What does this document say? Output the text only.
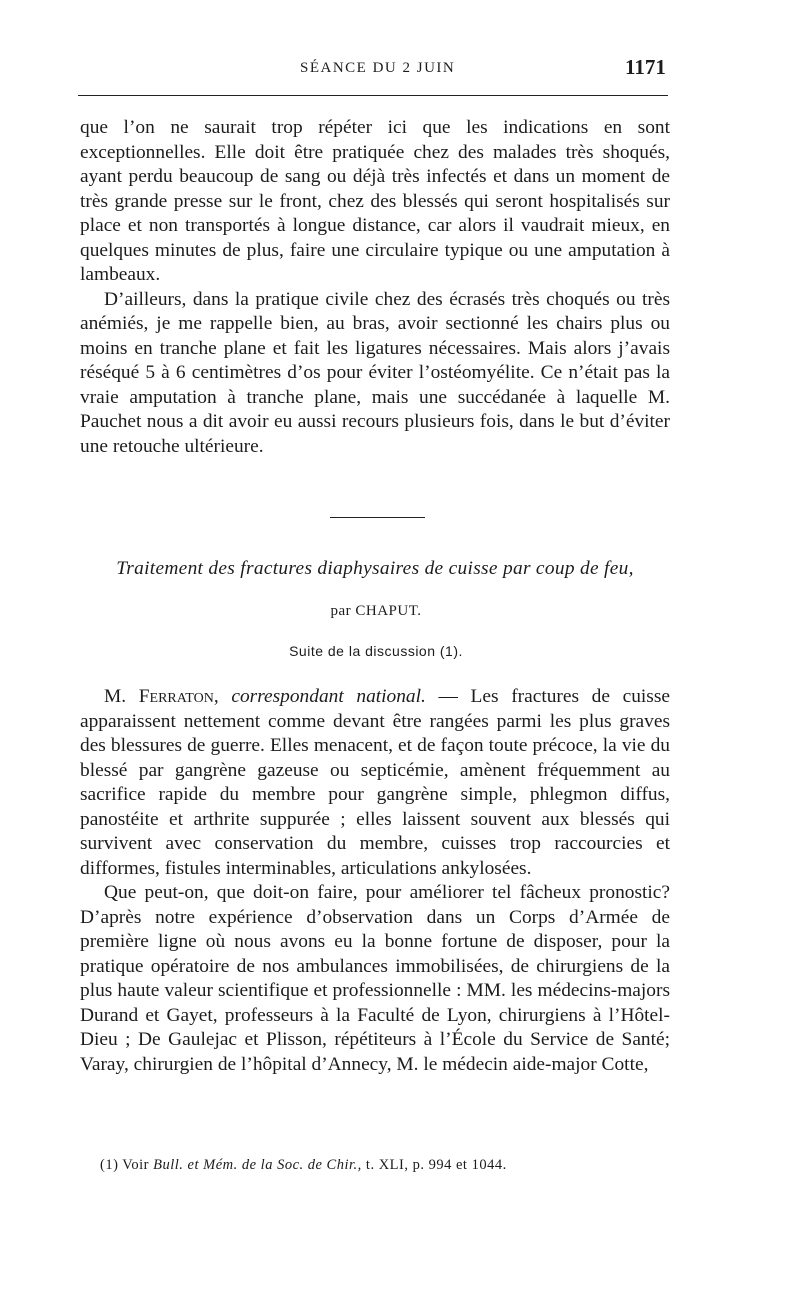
SÉANCE DU 2 JUIN	1171

que l’on ne saurait trop répéter ici que les indications en sont exceptionnelles. Elle doit être pratiquée chez des malades très shoqués, ayant perdu beaucoup de sang ou déjà très infectés et dans un moment de très grande presse sur le front, chez des blessés qui seront hospitalisés sur place et non transportés à longue distance, car alors il vaudrait mieux, en quelques minutes de plus, faire une circulaire typique ou une amputation à lambeaux.

D’ailleurs, dans la pratique civile chez des écrasés très choqués ou très anémiés, je me rappelle bien, au bras, avoir sectionné les chairs plus ou moins en tranche plane et fait les ligatures nécessaires. Mais alors j’avais réséqué 5 à 6 centimètres d’os pour éviter l’ostéomyélite. Ce n’était pas la vraie amputation à tranche plane, mais une succédanée à laquelle M. Pauchet nous a dit avoir eu aussi recours plusieurs fois, dans le but d’éviter une retouche ultérieure.

Traitement des fractures diaphysaires de cuisse par coup de feu,
par CHAPUT.
Suite de la discussion (1).

M. Ferraton, correspondant national. — Les fractures de cuisse apparaissent nettement comme devant être rangées parmi les plus graves des blessures de guerre. Elles menacent, et de façon toute précoce, la vie du blessé par gangrène gazeuse ou septicémie, amènent fréquemment au sacrifice rapide du membre pour gangrène simple, phlegmon diffus, panostéite et arthrite suppurée ; elles laissent souvent aux blessés qui survivent avec conservation du membre, cuisses trop raccourcies et difformes, fistules interminables, articulations ankylosées.

Que peut-on, que doit-on faire, pour améliorer tel fâcheux pronostic? D’après notre expérience d’observation dans un Corps d’Armée de première ligne où nous avons eu la bonne fortune de disposer, pour la pratique opératoire de nos ambulances immobilisées, de chirurgiens de la plus haute valeur scientifique et professionnelle : MM. les médecins-majors Durand et Gayet, professeurs à la Faculté de Lyon, chirurgiens à l’Hôtel-Dieu ; De Gaulejac et Plisson, répétiteurs à l’École du Service de Santé; Varay, chirurgien de l’hôpital d’Annecy, M. le médecin aide-major Cotte,

(1) Voir Bull. et Mém. de la Soc. de Chir., t. XLI, p. 994 et 1044.
